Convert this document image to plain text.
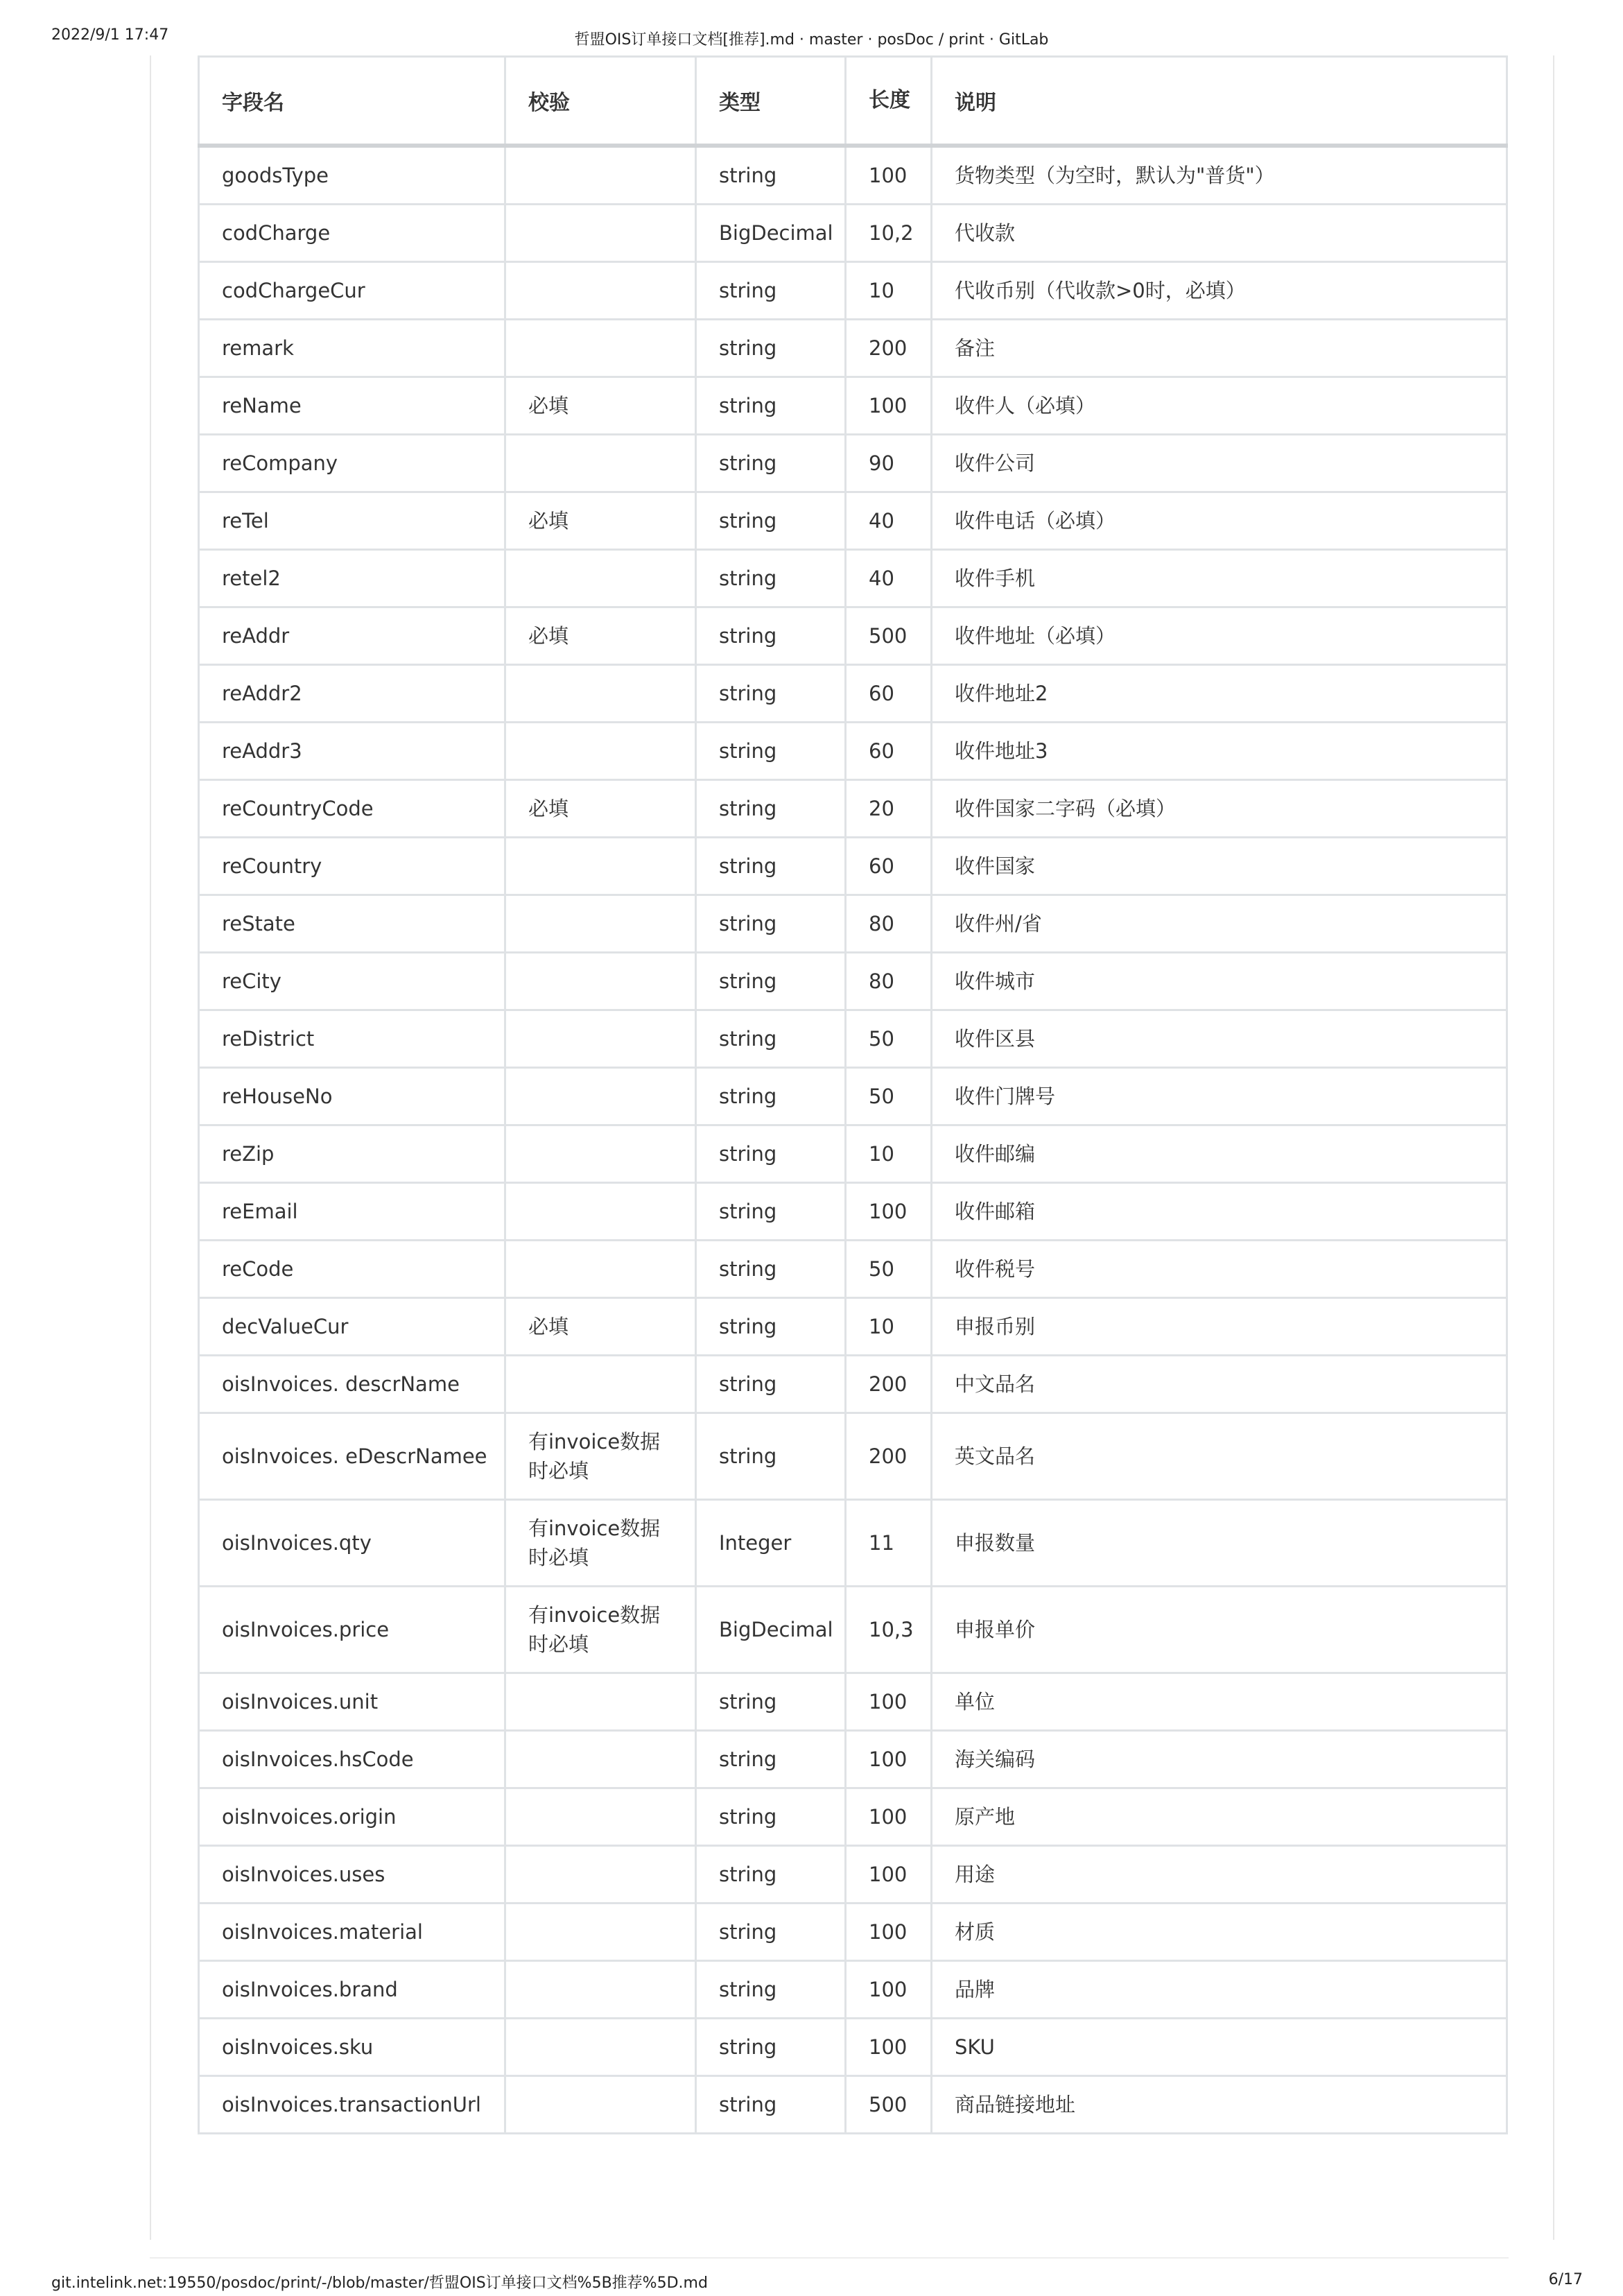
2022/9/1 17:47	哲盟OIS订单接口文档[推荐].md · master · posDoc / print · GitLab
字段名	校验	类型	长度	说明
goodsType		string	100	货物类型（为空时，默认为"普货"）
codCharge		BigDecimal	10,2	代收款
codChargeCur		string	10	代收币别（代收款>0时，必填）
remark		string	200	备注
reName	必填	string	100	收件人（必填）
reCompany		string	90	收件公司
reTel	必填	string	40	收件电话（必填）
retel2		string	40	收件手机
reAddr	必填	string	500	收件地址（必填）
reAddr2		string	60	收件地址2
reAddr3		string	60	收件地址3
reCountryCode	必填	string	20	收件国家二字码（必填）
reCountry		string	60	收件国家
reState		string	80	收件州/省
reCity		string	80	收件城市
reDistrict		string	50	收件区县
reHouseNo		string	50	收件门牌号
reZip		string	10	收件邮编
reEmail		string	100	收件邮箱
reCode		string	50	收件税号
decValueCur	必填	string	10	申报币别
oisInvoices. descrName		string	200	中文品名
oisInvoices. eDescrNamee	有invoice数据时必填	string	200	英文品名
oisInvoices.qty	有invoice数据时必填	Integer	11	申报数量
oisInvoices.price	有invoice数据时必填	BigDecimal	10,3	申报单价
oisInvoices.unit		string	100	单位
oisInvoices.hsCode		string	100	海关编码
oisInvoices.origin		string	100	原产地
oisInvoices.uses		string	100	用途
oisInvoices.material		string	100	材质
oisInvoices.brand		string	100	品牌
oisInvoices.sku		string	100	SKU
oisInvoices.transactionUrl		string	500	商品链接地址
git.intelink.net:19550/posdoc/print/-/blob/master/哲盟OIS订单接口文档%5B推荐%5D.md	6/17
